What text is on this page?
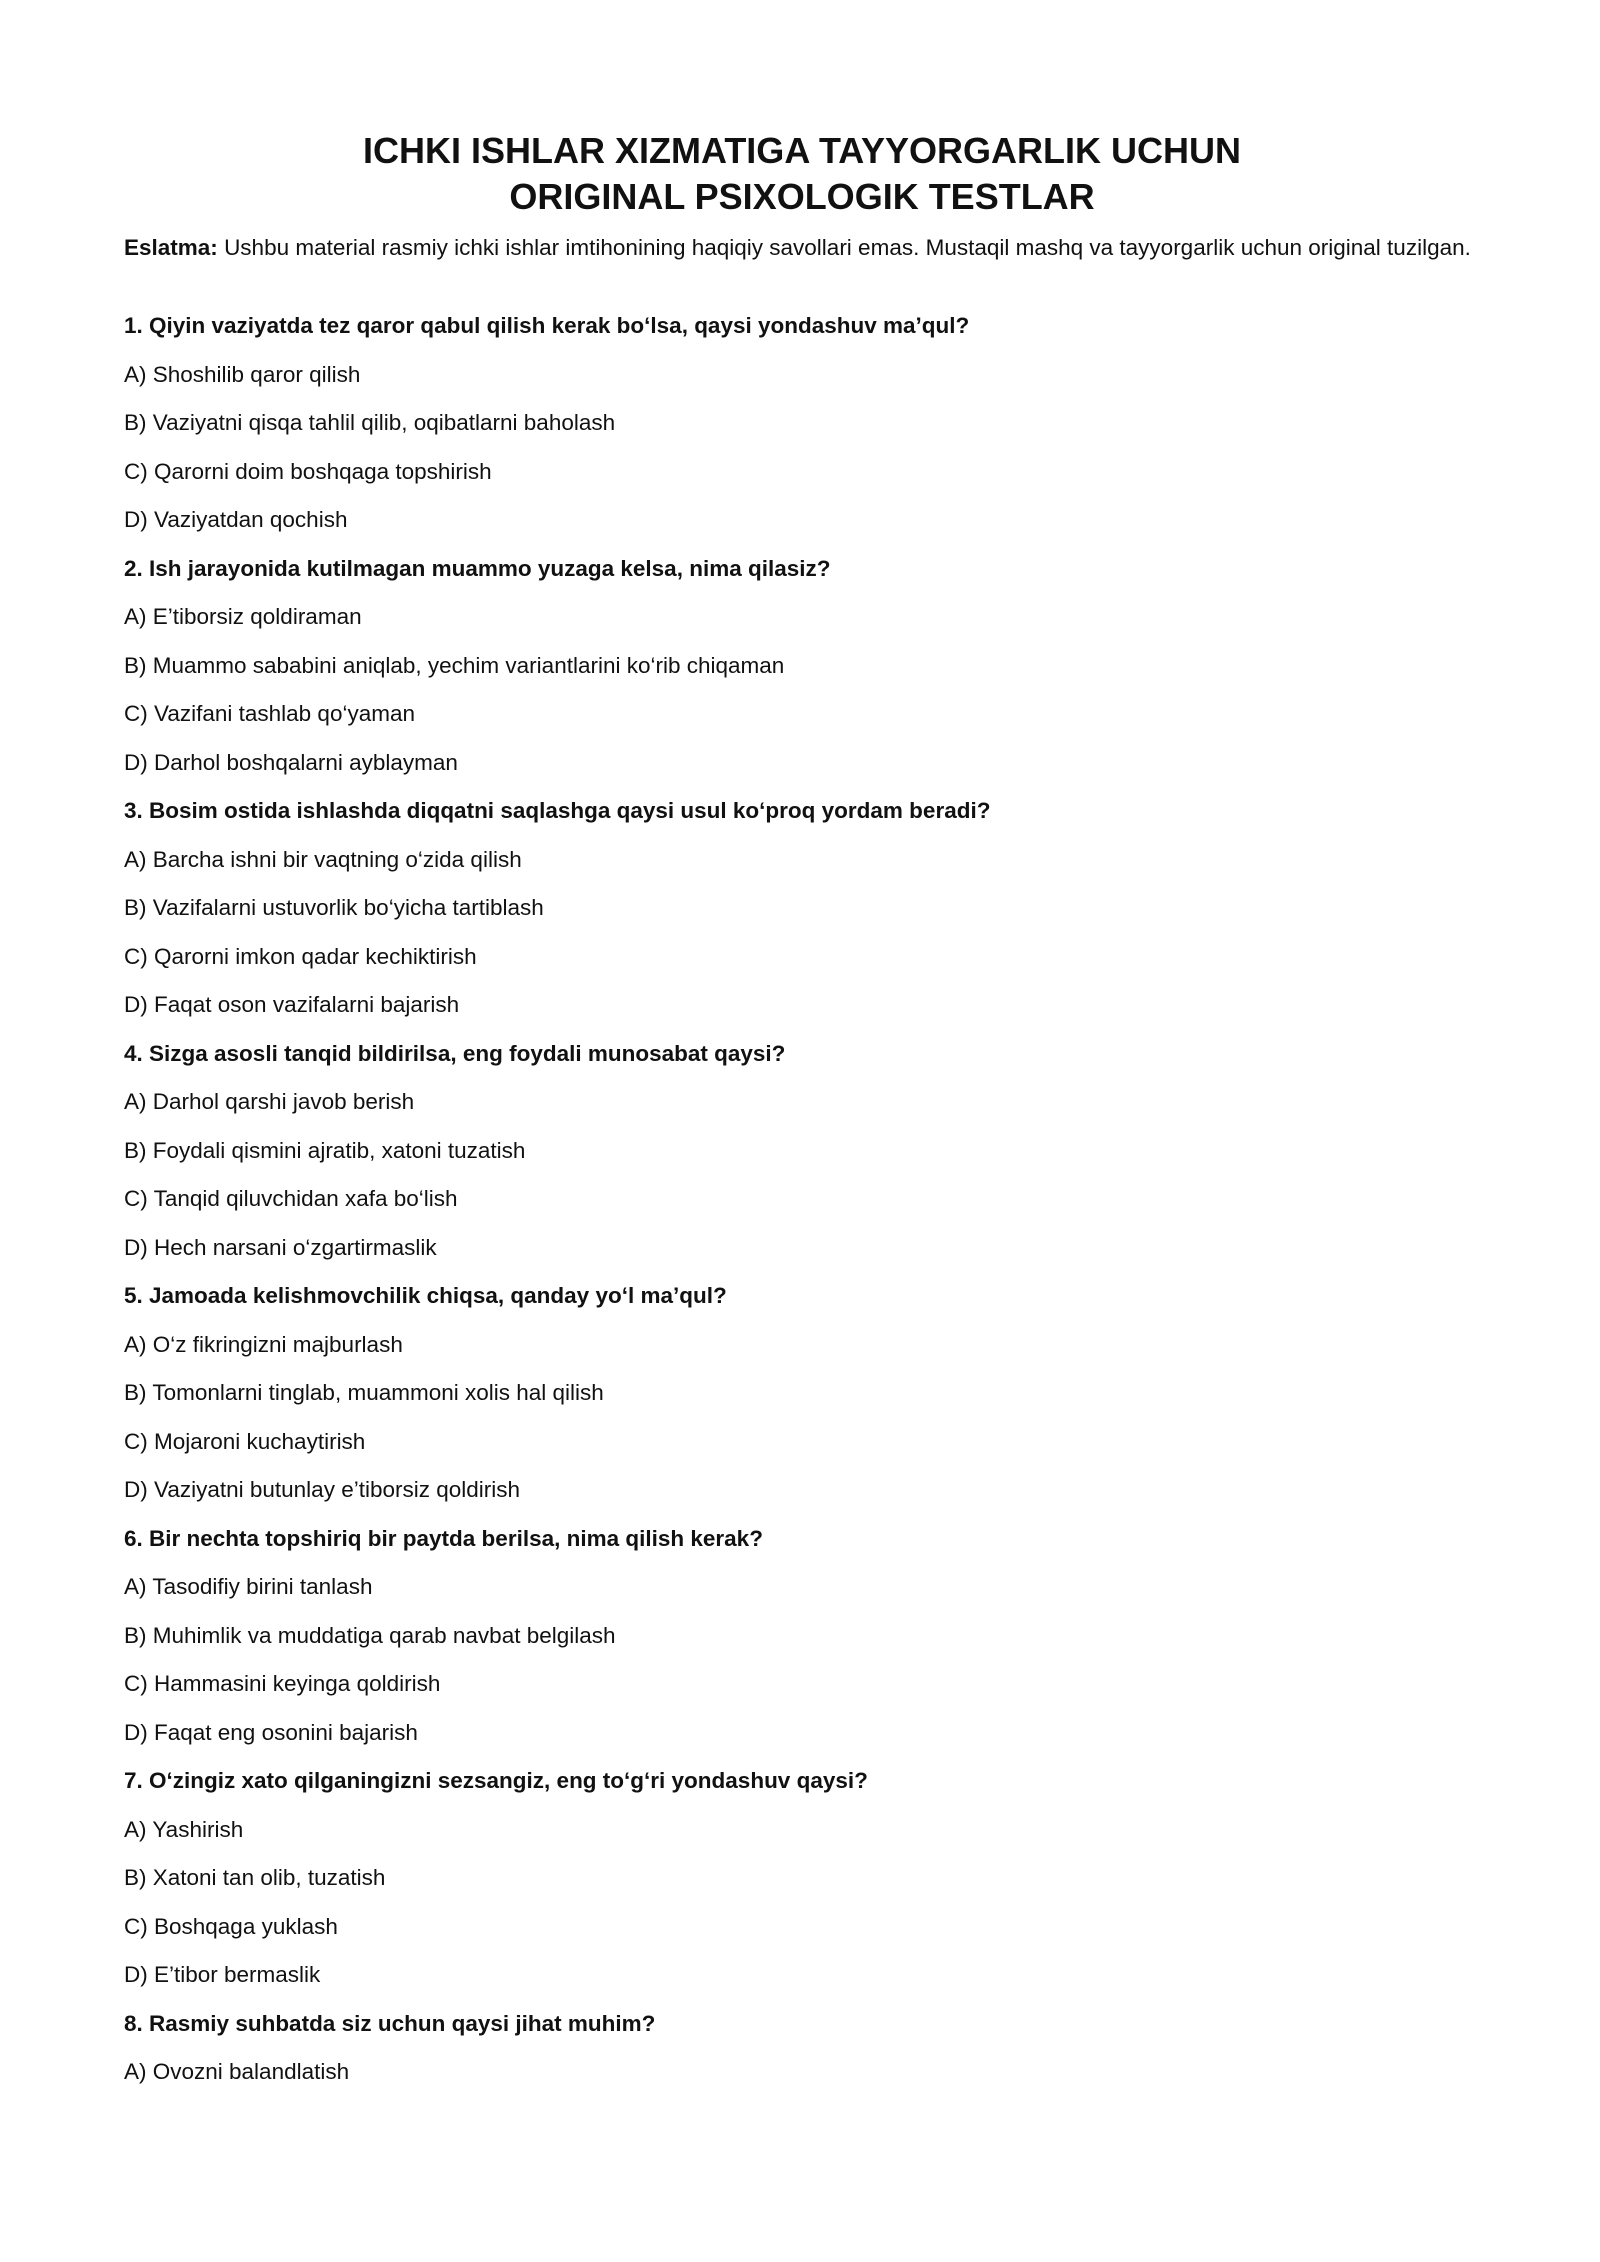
ICHKI ISHLAR XIZMATIGA TAYYORGARLIK UCHUN
ORIGINAL PSIXOLOGIK TESTLAR

Eslatma: Ushbu material rasmiy ichki ishlar imtihonining haqiqiy savollari emas. Mustaqil mashq va tayyorgarlik uchun original tuzilgan.

1. Qiyin vaziyatda tez qaror qabul qilish kerak bo‘lsa, qaysi yondashuv ma’qul?

A) Shoshilib qaror qilish

B) Vaziyatni qisqa tahlil qilib, oqibatlarni baholash

C) Qarorni doim boshqaga topshirish

D) Vaziyatdan qochish

2. Ish jarayonida kutilmagan muammo yuzaga kelsa, nima qilasiz?

A) E’tiborsiz qoldiraman

B) Muammo sababini aniqlab, yechim variantlarini ko‘rib chiqaman

C) Vazifani tashlab qo‘yaman

D) Darhol boshqalarni ayblayman

3. Bosim ostida ishlashda diqqatni saqlashga qaysi usul ko‘proq yordam beradi?

A) Barcha ishni bir vaqtning o‘zida qilish

B) Vazifalarni ustuvorlik bo‘yicha tartiblash

C) Qarorni imkon qadar kechiktirish

D) Faqat oson vazifalarni bajarish

4. Sizga asosli tanqid bildirilsa, eng foydali munosabat qaysi?

A) Darhol qarshi javob berish

B) Foydali qismini ajratib, xatoni tuzatish

C) Tanqid qiluvchidan xafa bo‘lish

D) Hech narsani o‘zgartirmaslik

5. Jamoada kelishmovchilik chiqsa, qanday yo‘l ma’qul?

A) O‘z fikringizni majburlash

B) Tomonlarni tinglab, muammoni xolis hal qilish

C) Mojaroni kuchaytirish

D) Vaziyatni butunlay e’tiborsiz qoldirish

6. Bir nechta topshiriq bir paytda berilsa, nima qilish kerak?

A) Tasodifiy birini tanlash

B) Muhimlik va muddatiga qarab navbat belgilash

C) Hammasini keyinga qoldirish

D) Faqat eng osonini bajarish

7. O‘zingiz xato qilganingizni sezsangiz, eng to‘g‘ri yondashuv qaysi?

A) Yashirish

B) Xatoni tan olib, tuzatish

C) Boshqaga yuklash

D) E’tibor bermaslik

8. Rasmiy suhbatda siz uchun qaysi jihat muhim?

A) Ovozni balandlatish
